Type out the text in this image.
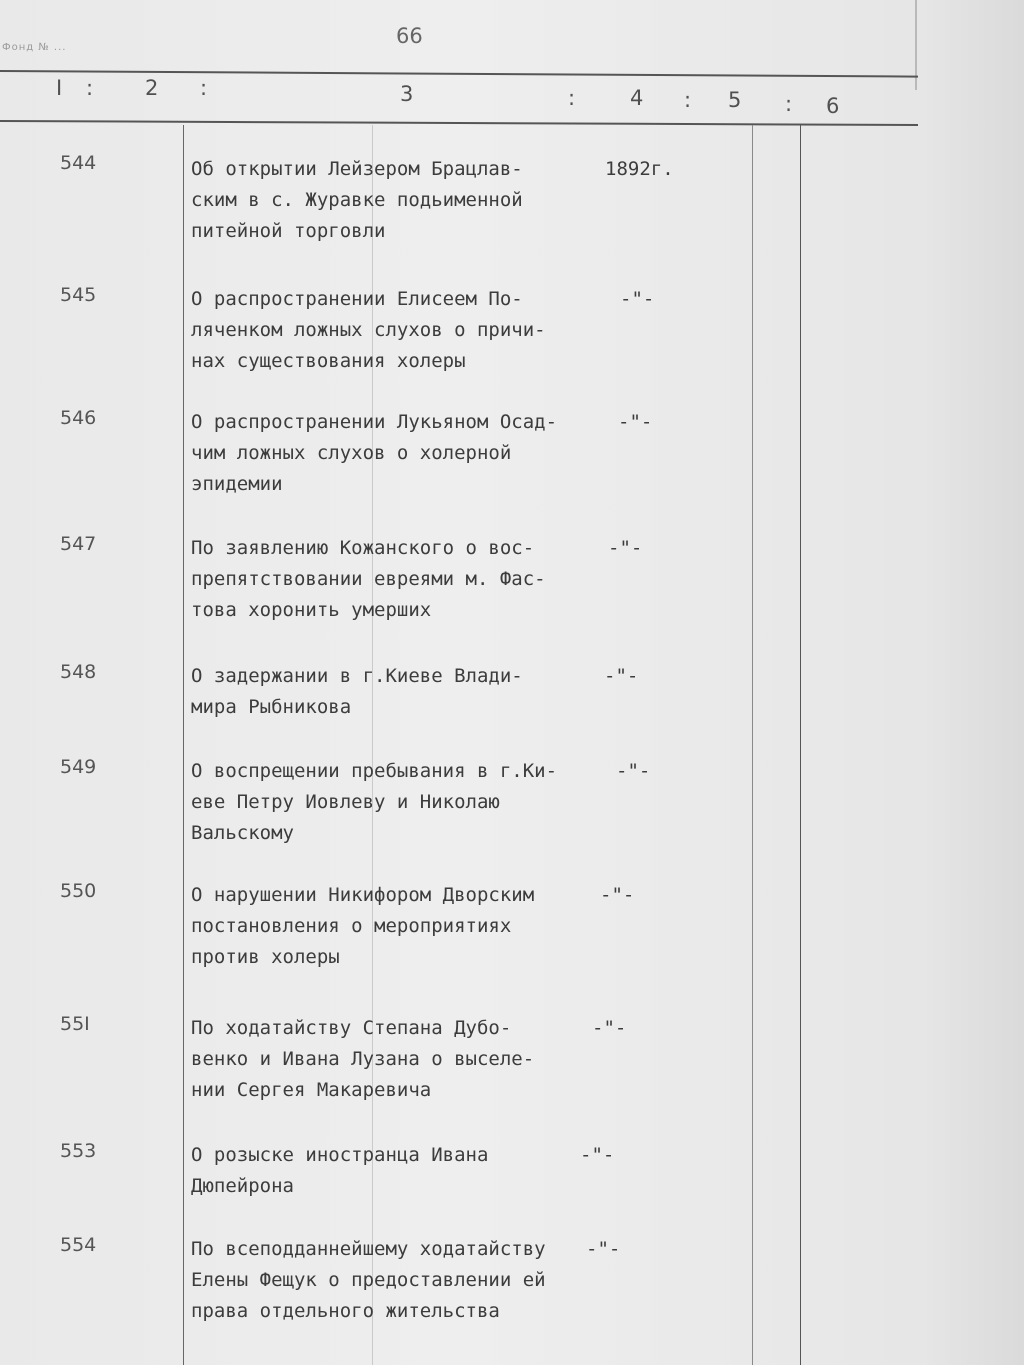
Фонд № ...	66
I : 2 :	3	:	4 : 5 : 6
544	Об открытии Лейзером Брацлав-
ским в с. Журавке подьименной
питейной торговли
1892г.
545	О распространении Елисеем По-
ляченком ложных слухов о причи-
нах существования холеры
-"-
546	О распространении Лукьяном Осад-
чим ложных слухов о холерной
эпидемии
-"-
547	По заявлению Кожанского о вос-
препятствовании евреями м. Фас-
това хоронить умерших
-"-
548	О задержании в г.Киеве Влади-
мира Рыбникова
-"-
549	О воспрещении пребывания в г.Ки-
еве Петру Иовлеву и Николаю
Вальскому
-"-
550	О нарушении Никифором Дворским
постановления о мероприятиях
против холеры
-"-
55I	По ходатайству Степана Дубо-
венко и Ивана Лузана о выселе-
нии Сергея Макаревича
-"-
553	О розыске иностранца Ивана
Дюпейрона
-"-
554	По всеподданнейшему ходатайству
Елены Фещук о предоставлении ей
права отдельного жительства
-"-
